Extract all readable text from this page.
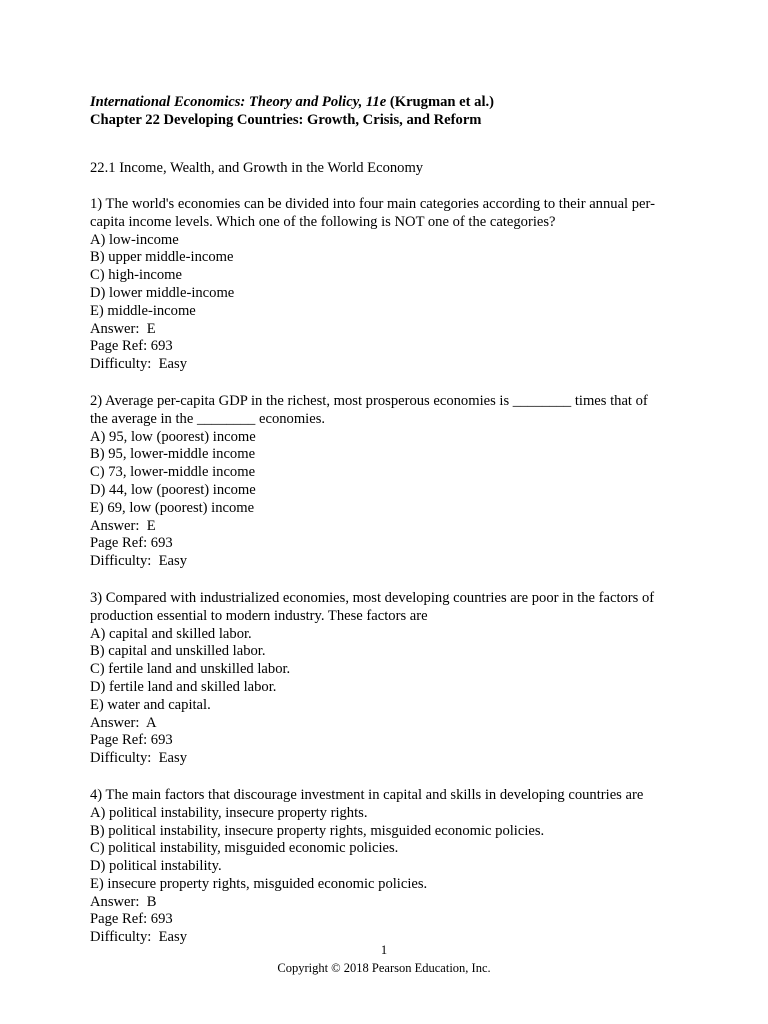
International Economics: Theory and Policy, 11e (Krugman et al.)

Chapter 22 Developing Countries: Growth, Crisis, and Reform

22.1 Income, Wealth, and Growth in the World Economy

1) The world's economies can be divided into four main categories according to their annual per-

capita income levels. Which one of the following is NOT one of the categories?

A) low-income

B) upper middle-income

C) high-income

D) lower middle-income

E) middle-income

Answer:  E

Page Ref: 693

Difficulty:  Easy

2) Average per-capita GDP in the richest, most prosperous economies is ________ times that of

the average in the ________ economies.

A) 95, low (poorest) income

B) 95, lower-middle income

C) 73, lower-middle income

D) 44, low (poorest) income

E) 69, low (poorest) income

Answer:  E

Page Ref: 693

Difficulty:  Easy

3) Compared with industrialized economies, most developing countries are poor in the factors of

production essential to modern industry. These factors are

A) capital and skilled labor.

B) capital and unskilled labor.

C) fertile land and unskilled labor.

D) fertile land and skilled labor.

E) water and capital.

Answer:  A

Page Ref: 693

Difficulty:  Easy

4) The main factors that discourage investment in capital and skills in developing countries are

A) political instability, insecure property rights.

B) political instability, insecure property rights, misguided economic policies.

C) political instability, misguided economic policies.

D) political instability.

E) insecure property rights, misguided economic policies.

Answer:  B

Page Ref: 693

Difficulty:  Easy

1
Copyright © 2018 Pearson Education, Inc.
